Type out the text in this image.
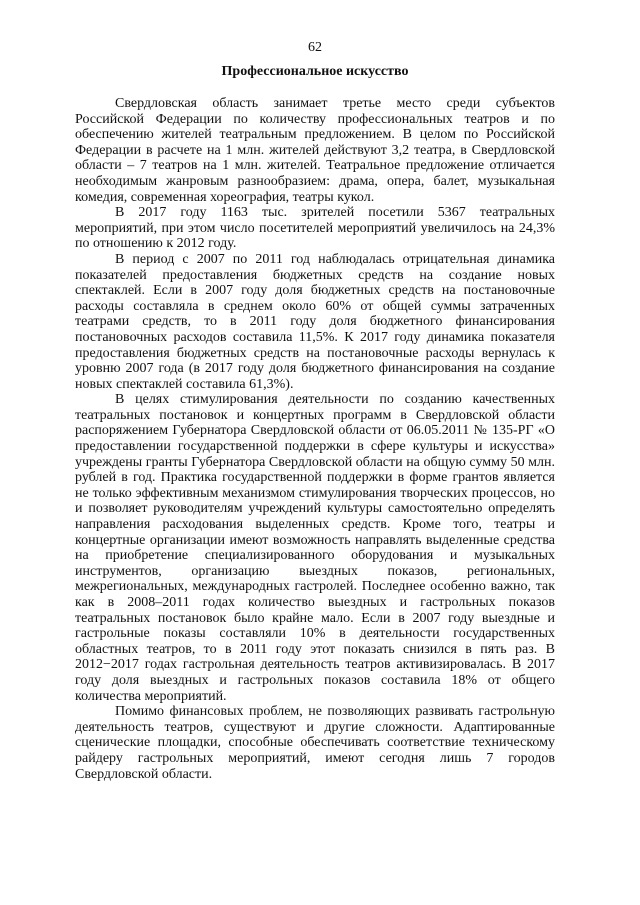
62
Профессиональное искусство

Свердловская область занимает третье место среди субъектов Российской Федерации по количеству профессиональных театров и по обеспечению жителей театральным предложением. В целом по Российской Федерации в расчете на 1 млн. жителей действуют 3,2 театра, в Свердловской области – 7 театров на 1 млн. жителей. Театральное предложение отличается необходимым жанровым разнообразием: драма, опера, балет, музыкальная комедия, современная хореография, театры кукол.

В 2017 году 1163 тыс. зрителей посетили 5367 театральных мероприятий, при этом число посетителей мероприятий увеличилось на 24,3% по отношению к 2012 году.

В период с 2007 по 2011 год наблюдалась отрицательная динамика показателей предоставления бюджетных средств на создание новых спектаклей. Если в 2007 году доля бюджетных средств на постановочные расходы составляла в среднем около 60% от общей суммы затраченных театрами средств, то в 2011 году доля бюджетного финансирования постановочных расходов составила 11,5%. К 2017 году динамика показателя предоставления бюджетных средств на постановочные расходы вернулась к уровню 2007 года (в 2017 году доля бюджетного финансирования на создание новых спектаклей составила 61,3%).

В целях стимулирования деятельности по созданию качественных театральных постановок и концертных программ в Свердловской области распоряжением Губернатора Свердловской области от 06.05.2011 № 135-РГ «О предоставлении государственной поддержки в сфере культуры и искусства» учреждены гранты Губернатора Свердловской области на общую сумму 50 млн. рублей в год. Практика государственной поддержки в форме грантов является не только эффективным механизмом стимулирования творческих процессов, но и позволяет руководителям учреждений культуры самостоятельно определять направления расходования выделенных средств. Кроме того, театры и концертные организации имеют возможность направлять выделенные средства на приобретение специализированного оборудования и музыкальных инструментов, организацию выездных показов, региональных, межрегиональных, международных гастролей. Последнее особенно важно, так как в 2008–2011 годах количество выездных и гастрольных показов театральных постановок было крайне мало. Если в 2007 году выездные и гастрольные показы составляли 10% в деятельности государственных областных театров, то в 2011 году этот показать снизился в пять раз. В 2012−2017 годах гастрольная деятельность театров активизировалась. В 2017 году доля выездных и гастрольных показов составила 18% от общего количества мероприятий.

Помимо финансовых проблем, не позволяющих развивать гастрольную деятельность театров, существуют и другие сложности. Адаптированные сценические площадки, способные обеспечивать соответствие техническому райдеру гастрольных мероприятий, имеют сегодня лишь 7 городов Свердловской области.
